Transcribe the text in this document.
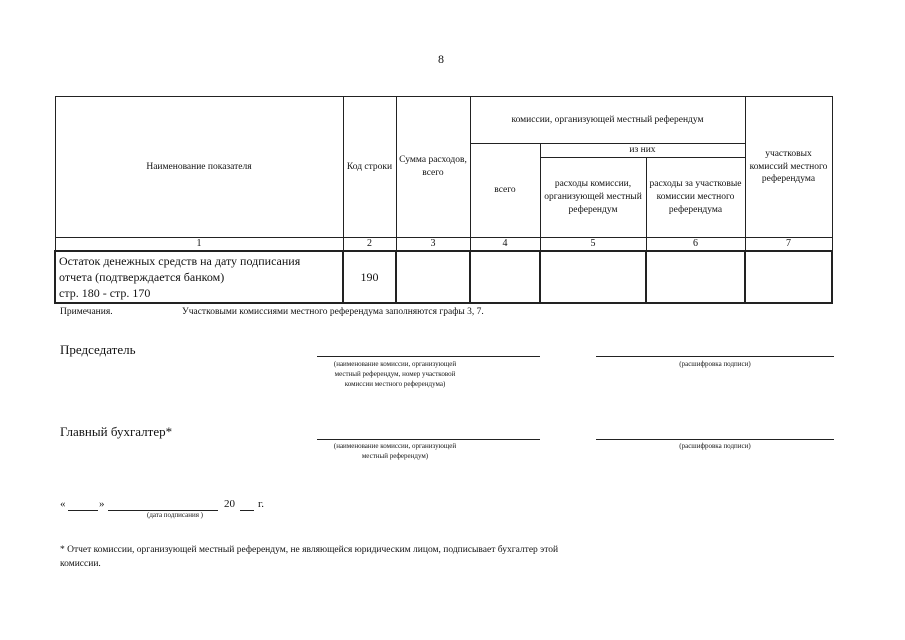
8
Наименование показателя	Код строки	Сумма расходов, всего	комиссии, организующей местный референдум			участковых комиссий местного референдума
			всего	из них		
				расходы комиссии, организующей местный референдум	расходы за участковые комиссии местного референдума	
1	2	3	4	5	6	7

Остаток денежных средств на дату подписания
отчета (подтверждается банком)
стр. 180 - стр. 170	190					
Примечания.	Участковыми комиссиями местного референдума заполняются графы 3, 7.
Председатель
(наименование комиссии, организующей
местный референдум, номер участковой
комиссии местного референдума)
(расшифровка подписи)
Главный бухгалтер*
(наименование комиссии, организующей
местный референдум)
(расшифровка подписи)
«	»	20 г.
(дата подписания )
* Отчет комиссии, организующей местный референдум, не являющейся юридическим лицом, подписывает бухгалтер этой
комиссии.
